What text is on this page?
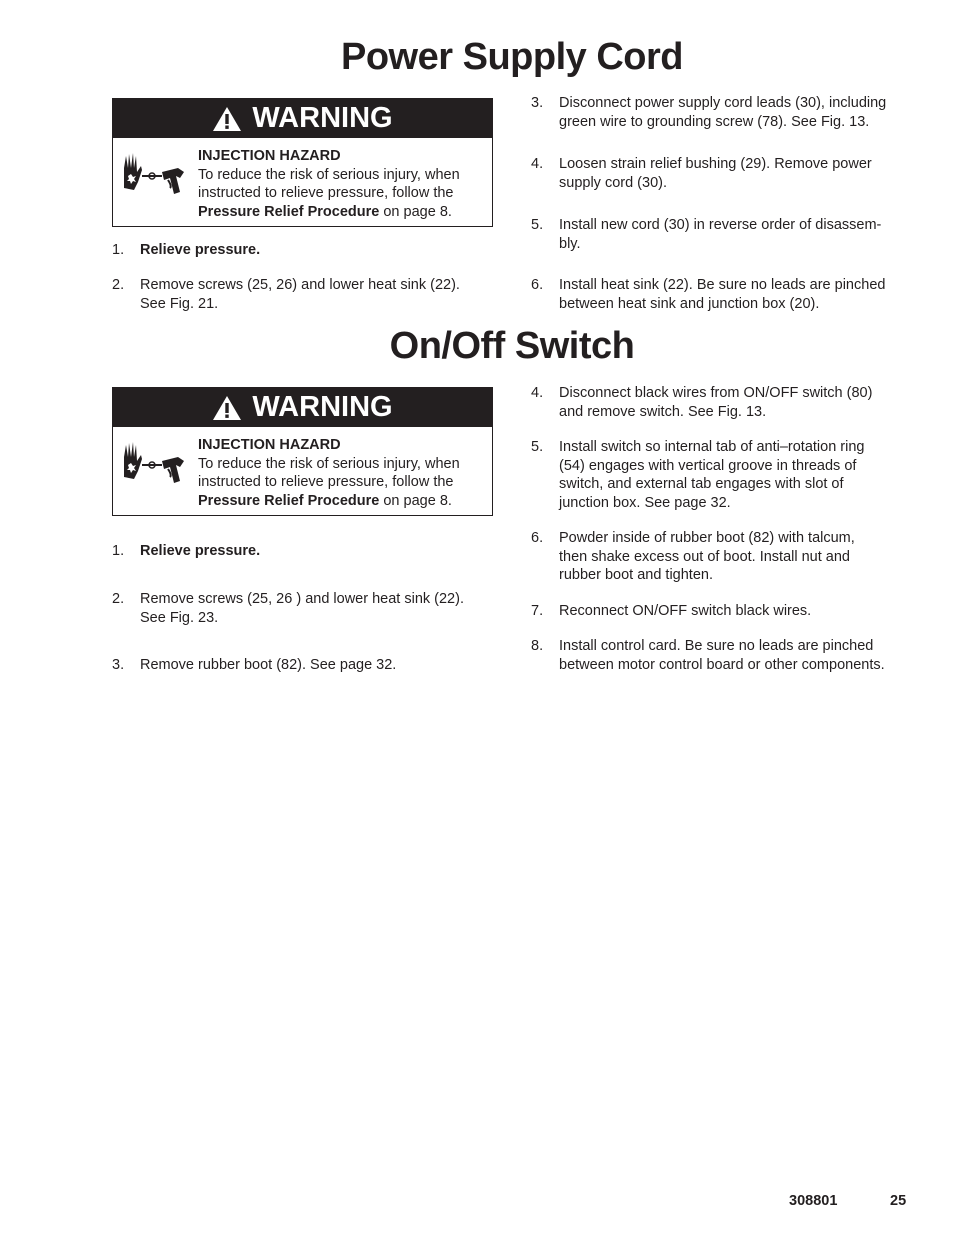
Power Supply Cord
WARNING
INJECTION HAZARD
To reduce the risk of serious injury, when instructed to relieve pressure, follow the Pressure Relief Procedure on page 8.
1. Relieve pressure.
2. Remove screws (25, 26) and lower heat sink (22).
See Fig. 21.
3. Disconnect power supply cord leads (30), including
green wire to grounding screw (78). See Fig. 13.
4. Loosen strain relief bushing (29). Remove power
supply cord (30).
5. Install new cord (30) in reverse order of disassem-
bly.
6. Install heat sink (22). Be sure no leads are pinched
between heat sink and junction box (20).
On/Off Switch
WARNING
INJECTION HAZARD
To reduce the risk of serious injury, when instructed to relieve pressure, follow the Pressure Relief Procedure on page 8.
1. Relieve pressure.
2. Remove screws (25, 26 ) and lower heat sink (22).
See Fig. 23.
3. Remove rubber boot (82). See page 32.
4. Disconnect black wires from ON/OFF switch (80)
and remove switch. See Fig. 13.
5. Install switch so internal tab of anti–rotation ring
(54) engages with vertical groove in threads of
switch, and external tab engages with slot of
junction box. See page 32.
6. Powder inside of rubber boot (82) with talcum,
then shake excess out of boot. Install nut and
rubber boot and tighten.
7. Reconnect ON/OFF switch black wires.
8. Install control card. Be sure no leads are pinched
between motor control board or other components.
308801	25
